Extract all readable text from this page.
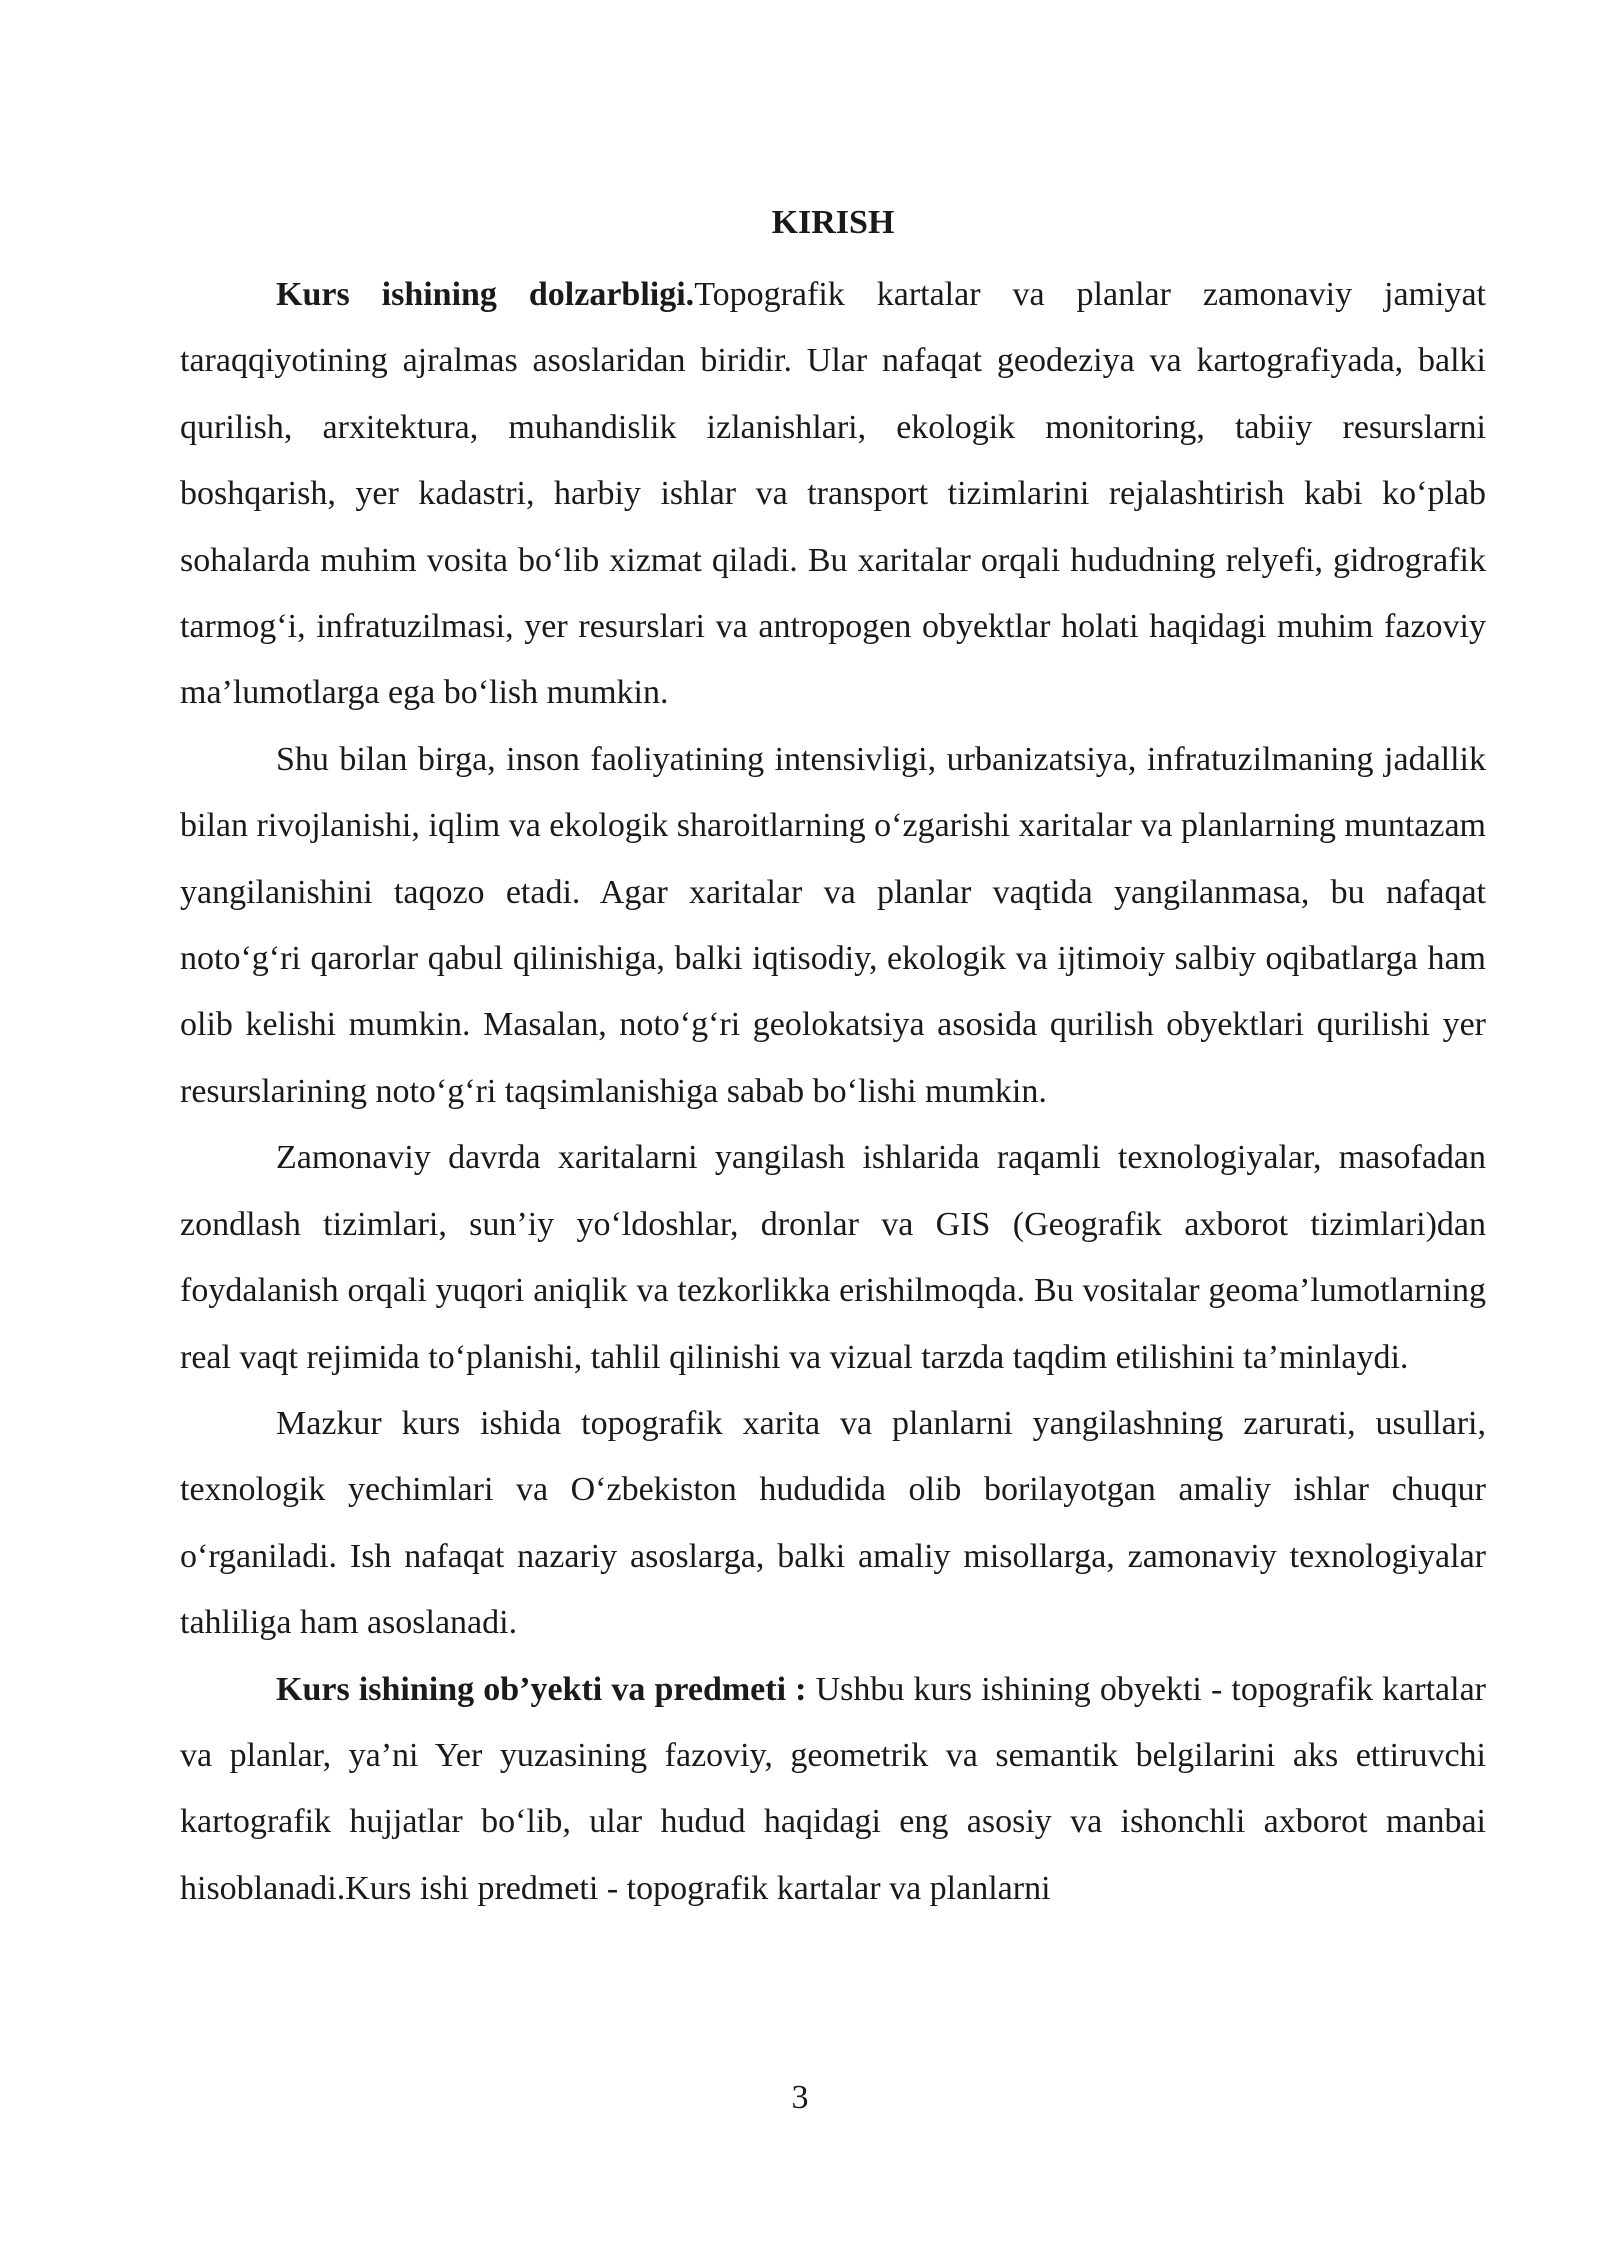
KIRISH

Kurs ishining dolzarbligi.Topografik kartalar va planlar zamonaviy jamiyat taraqqiyotining ajralmas asoslaridan biridir. Ular nafaqat geodeziya va kartografiyada, balki qurilish, arxitektura, muhandislik izlanishlari, ekologik monitoring, tabiiy resurslarni boshqarish, yer kadastri, harbiy ishlar va transport tizimlarini rejalashtirish kabi ko‘plab sohalarda muhim vosita bo‘lib xizmat qiladi. Bu xaritalar orqali hududning relyefi, gidrografik tarmog‘i, infratuzilmasi, yer resurslari va antropogen obyektlar holati haqidagi muhim fazoviy ma’lumotlarga ega bo‘lish mumkin.

Shu bilan birga, inson faoliyatining intensivligi, urbanizatsiya, infratuzilmaning jadallik bilan rivojlanishi, iqlim va ekologik sharoitlarning o‘zgarishi xaritalar va planlarning muntazam yangilanishini taqozo etadi. Agar xaritalar va planlar vaqtida yangilanmasa, bu nafaqat noto‘g‘ri qarorlar qabul qilinishiga, balki iqtisodiy, ekologik va ijtimoiy salbiy oqibatlarga ham olib kelishi mumkin. Masalan, noto‘g‘ri geolokatsiya asosida qurilish obyektlari qurilishi yer resurslarining noto‘g‘ri taqsimlanishiga sabab bo‘lishi mumkin.

Zamonaviy davrda xaritalarni yangilash ishlarida raqamli texnologiyalar, masofadan zondlash tizimlari, sun’iy yo‘ldoshlar, dronlar va GIS (Geografik axborot tizimlari)dan foydalanish orqali yuqori aniqlik va tezkorlikka erishilmoqda. Bu vositalar geoma’lumotlarning real vaqt rejimida to‘planishi, tahlil qilinishi va vizual tarzda taqdim etilishini ta’minlaydi.

Mazkur kurs ishida topografik xarita va planlarni yangilashning zarurati, usullari, texnologik yechimlari va O‘zbekiston hududida olib borilayotgan amaliy ishlar chuqur o‘rganiladi. Ish nafaqat nazariy asoslarga, balki amaliy misollarga, zamonaviy texnologiyalar tahliliga ham asoslanadi.

Kurs ishining ob’yekti va predmeti : Ushbu kurs ishining obyekti - topografik kartalar va planlar, ya’ni Yer yuzasining fazoviy, geometrik va semantik belgilarini aks ettiruvchi kartografik hujjatlar bo‘lib, ular hudud haqidagi eng asosiy va ishonchli axborot manbai hisoblanadi.Kurs ishi predmeti - topografik kartalar va planlarni

3
